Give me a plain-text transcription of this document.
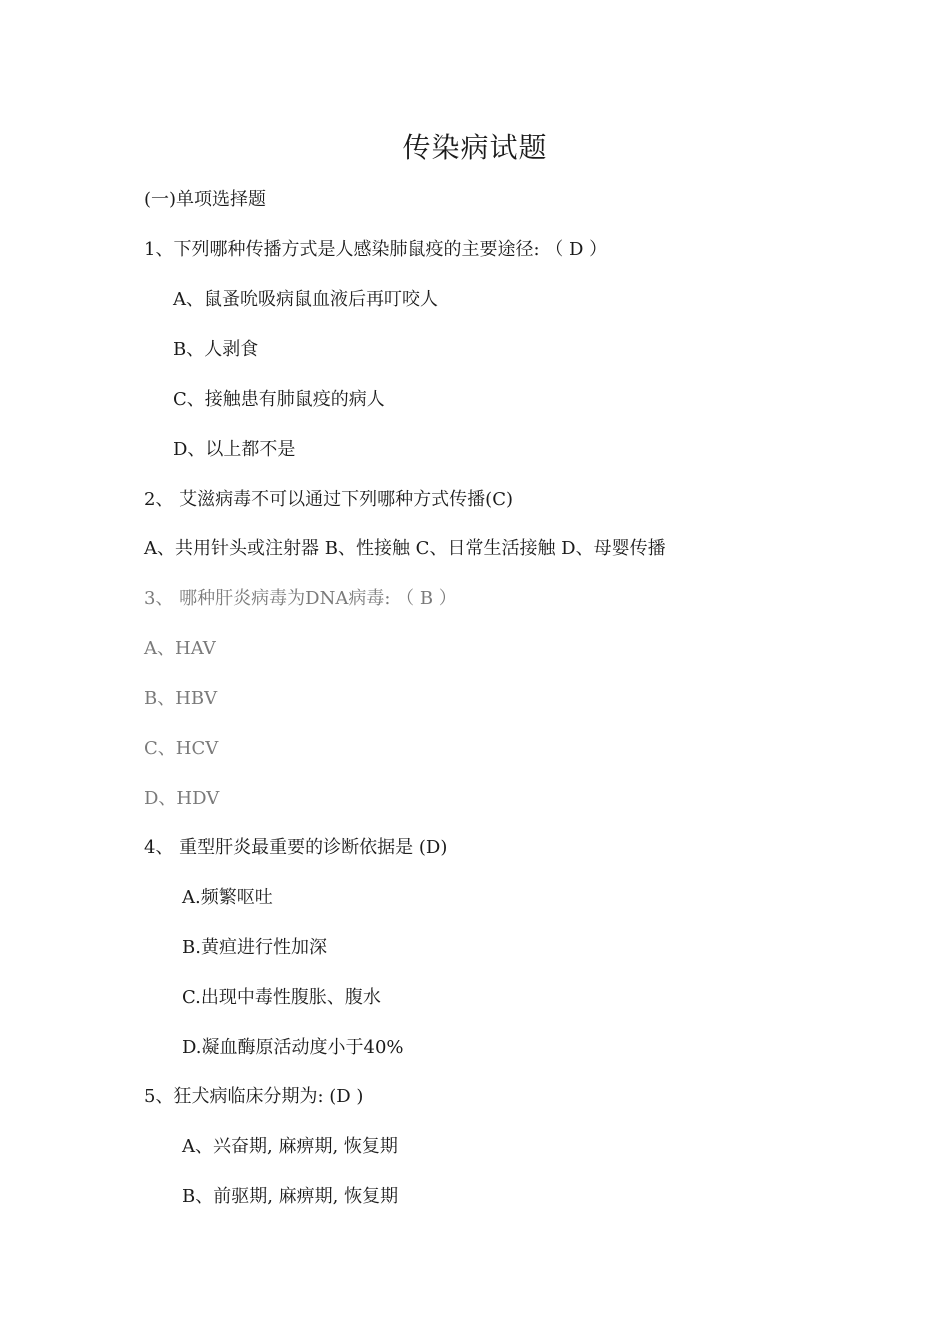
传染病试题
(一)单项选择题
1、下列哪种传播方式是人感染肺鼠疫的主要途径: （ D ）
A、鼠蚤吮吸病鼠血液后再叮咬人
B、人剥食
C、接触患有肺鼠疫的病人
D、以上都不是
2、 艾滋病毒不可以通过下列哪种方式传播(C)
A、共用针头或注射器 B、性接触 C、日常生活接触 D、母婴传播
3、 哪种肝炎病毒为DNA病毒: （ B ）
A、HAV
B、HBV
C、HCV
D、HDV
4、 重型肝炎最重要的诊断依据是 (D)
A.频繁呕吐
B.黄疸进行性加深
C.出现中毒性腹胀、腹水
D.凝血酶原活动度小于40%
5、狂犬病临床分期为: (D )
A、兴奋期, 麻痹期, 恢复期
B、前驱期, 麻痹期, 恢复期
